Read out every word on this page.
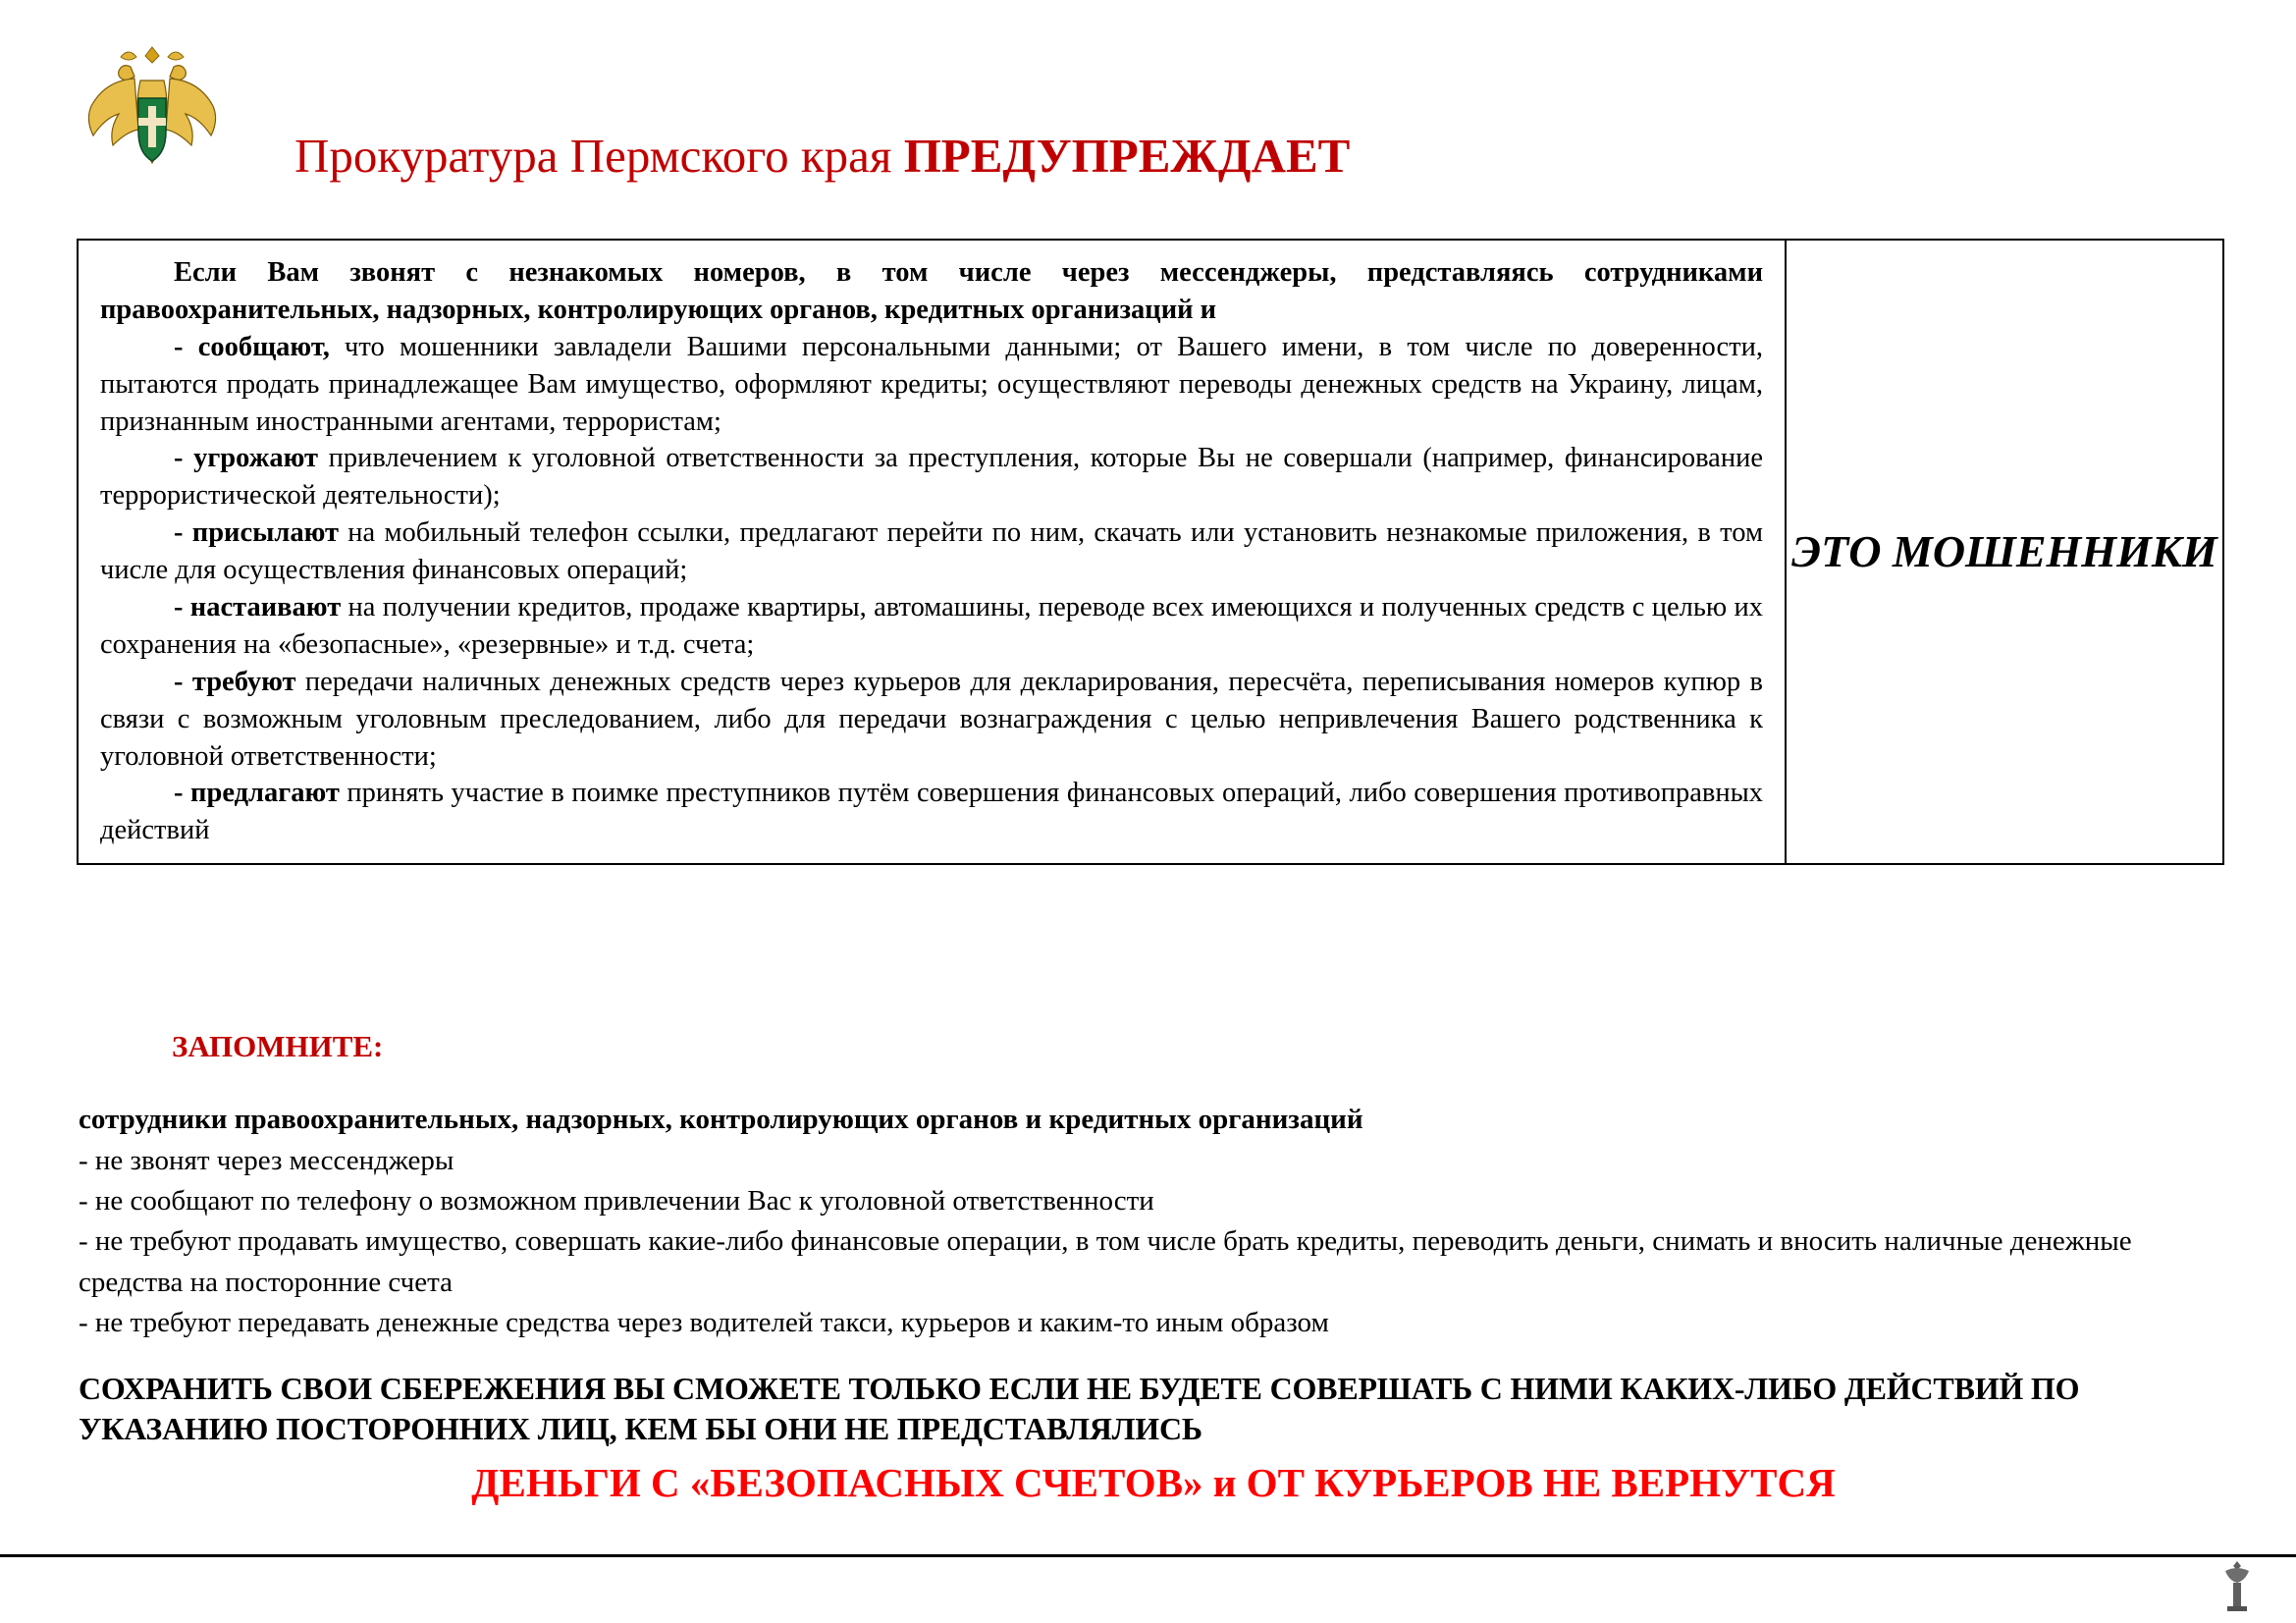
Прокуратура Пермского края ПРЕДУПРЕЖДАЕТ

Если Вам звонят с незнакомых номеров, в том числе через мессенджеры, представляясь сотрудниками правоохранительных, надзорных, контролирующих органов, кредитных организаций и

- сообщают, что мошенники завладели Вашими персональными данными; от Вашего имени, в том числе по доверенности, пытаются продать принадлежащее Вам имущество, оформляют кредиты; осуществляют переводы денежных средств на Украину, лицам, признанным иностранными агентами, террористам;

- угрожают привлечением к уголовной ответственности за преступления, которые Вы не совершали (например, финансирование террористической деятельности);

- присылают на мобильный телефон ссылки, предлагают перейти по ним, скачать или установить незнакомые приложения, в том числе для осуществления финансовых операций;

- настаивают на получении кредитов, продаже квартиры, автомашины, переводе всех имеющихся и полученных средств с целью их сохранения на «безопасные», «резервные» и т.д. счета;

- требуют передачи наличных денежных средств через курьеров для декларирования, пересчёта, переписывания номеров купюр в связи с возможным уголовным преследованием, либо для передачи вознаграждения с целью непривлечения Вашего родственника к уголовной ответственности;

- предлагают принять участие в поимке преступников путём совершения финансовых операций, либо совершения противоправных действий

ЭТО МОШЕННИКИ
ЗАПОМНИТЕ:
сотрудники правоохранительных, надзорных, контролирующих органов и кредитных организаций
- не звонят через мессенджеры
- не сообщают по телефону о возможном привлечении Вас к уголовной ответственности
- не требуют продавать имущество, совершать какие-либо финансовые операции, в том числе брать кредиты, переводить деньги, снимать и вносить наличные денежные средства на посторонние счета
- не требуют передавать денежные средства через водителей такси, курьеров и каким-то иным образом
СОХРАНИТЬ СВОИ СБЕРЕЖЕНИЯ ВЫ СМОЖЕТЕ ТОЛЬКО ЕСЛИ НЕ БУДЕТЕ СОВЕРШАТЬ С НИМИ КАКИХ-ЛИБО ДЕЙСТВИЙ ПО УКАЗАНИЮ ПОСТОРОННИХ ЛИЦ, КЕМ БЫ ОНИ НЕ ПРЕДСТАВЛЯЛИСЬ
ДЕНЬГИ С «БЕЗОПАСНЫХ СЧЕТОВ» и ОТ КУРЬЕРОВ НЕ ВЕРНУТСЯ
